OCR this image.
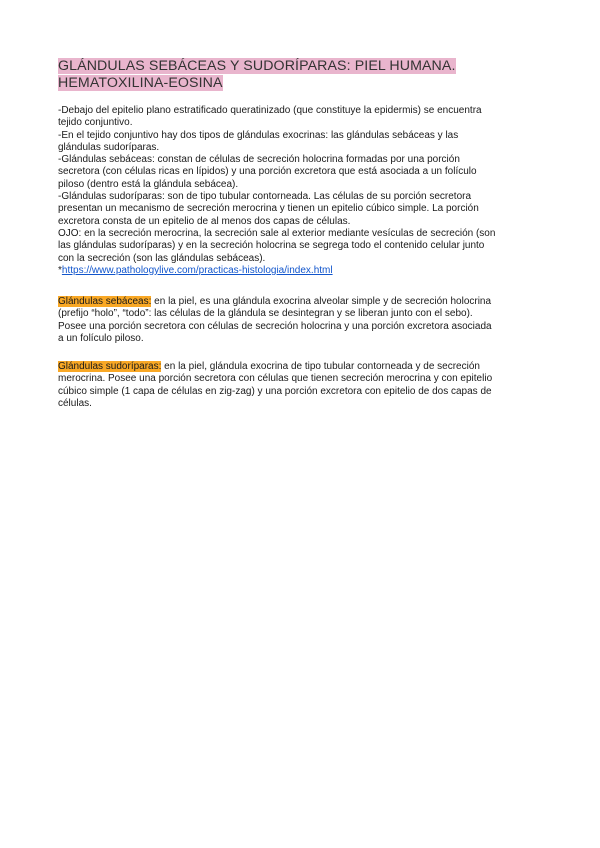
GLÁNDULAS SEBÁCEAS Y SUDORÍPARAS: PIEL HUMANA.
HEMATOXILINA-EOSINA
-Debajo del epitelio plano estratificado queratinizado (que constituye la epidermis) se encuentra
tejido conjuntivo.
-En el tejido conjuntivo hay dos tipos de glándulas exocrinas: las glándulas sebáceas y las
glándulas sudoríparas.
-Glándulas sebáceas: constan de células de secreción holocrina formadas por una porción
secretora (con células ricas en lípidos) y una porción excretora que está asociada a un folículo
piloso (dentro está la glándula sebácea).
-Glándulas sudoríparas: son de tipo tubular contorneada. Las células de su porción secretora
presentan un mecanismo de secreción merocrina y tienen un epitelio cúbico simple. La porción
excretora consta de un epitelio de al menos dos capas de células.
OJO: en la secreción merocrina, la secreción sale al exterior mediante vesículas de secreción (son
las glándulas sudoríparas) y en la secreción holocrina se segrega todo el contenido celular junto
con la secreción (son las glándulas sebáceas).
*https://www.pathologylive.com/practicas-histologia/index.html
Glándulas sebáceas: en la piel, es una glándula exocrina alveolar simple y de secreción holocrina
(prefijo “holo”, “todo”: las células de la glándula se desintegran y se liberan junto con el sebo).
Posee una porción secretora con células de secreción holocrina y una porción excretora asociada
a un folículo piloso.
Glándulas sudoríparas: en la piel, glándula exocrina de tipo tubular contorneada y de secreción
merocrina. Posee una porción secretora con células que tienen secreción merocrina y con epitelio
cúbico simple (1 capa de células en zig-zag) y una porción excretora con epitelio de dos capas de
células.
